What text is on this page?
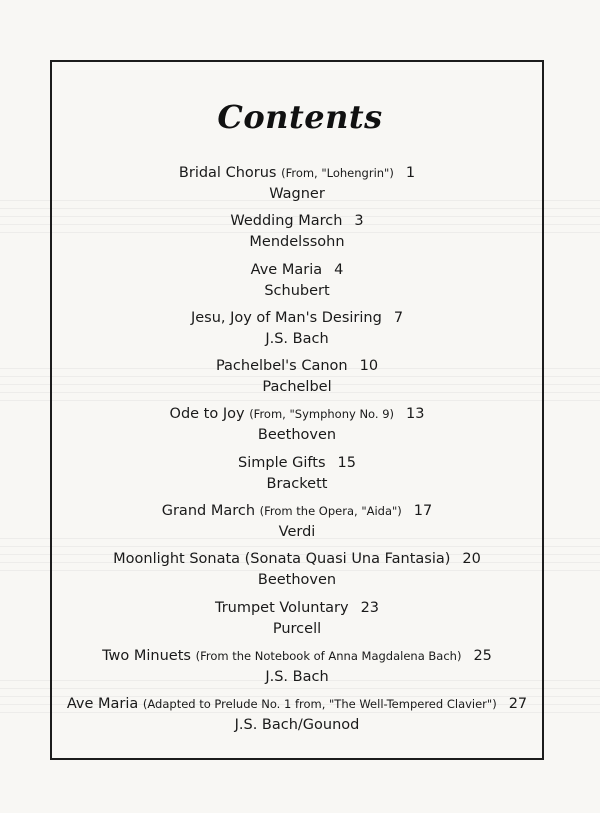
Contents
Bridal Chorus (From, "Lohengrin") 1
Wagner
Wedding March 3
Mendelssohn
Ave Maria 4
Schubert
Jesu, Joy of Man's Desiring 7
J.S. Bach
Pachelbel's Canon 10
Pachelbel
Ode to Joy (From, "Symphony No. 9) 13
Beethoven
Simple Gifts 15
Brackett
Grand March (From the Opera, "Aida") 17
Verdi
Moonlight Sonata (Sonata Quasi Una Fantasia) 20
Beethoven
Trumpet Voluntary 23
Purcell
Two Minuets (From the Notebook of Anna Magdalena Bach) 25
J.S. Bach
Ave Maria (Adapted to Prelude No. 1 from, "The Well-Tempered Clavier") 27
J.S. Bach/Gounod
